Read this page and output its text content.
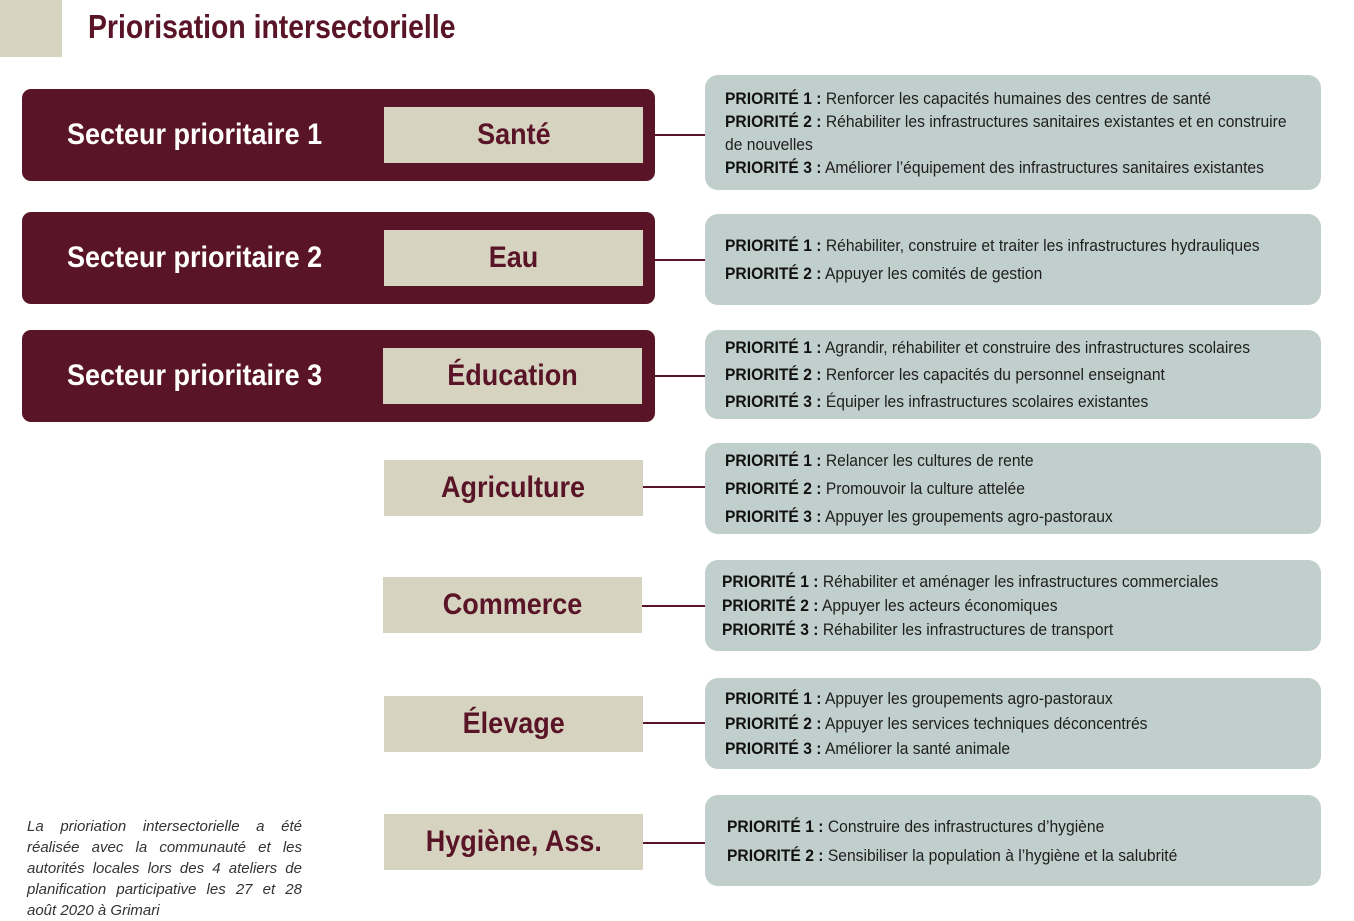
Priorisation intersectorielle
Secteur prioritaire 1	Santé
PRIORITÉ 1 : Renforcer les capacités humaines des centres de santé
PRIORITÉ 2 : Réhabiliter les infrastructures sanitaires existantes et en construire de nouvelles
PRIORITÉ 3 : Améliorer l’équipement des infrastructures sanitaires existantes
Secteur prioritaire 2	Eau	PRIORITÉ 1 : Réhabiliter, construire et traiter les infrastructures hydrauliques
PRIORITÉ 2 : Appuyer les comités de gestion
Secteur prioritaire 3	Éducation
PRIORITÉ 1 : Agrandir, réhabiliter et construire des infrastructures scolaires
PRIORITÉ 2 : Renforcer les capacités du personnel enseignant
PRIORITÉ 3 : Équiper les infrastructures scolaires existantes
Agriculture
PRIORITÉ 1 : Relancer les cultures de rente
PRIORITÉ 2 : Promouvoir la culture attelée
PRIORITÉ 3 : Appuyer les groupements agro-pastoraux
Commerce
PRIORITÉ 1 : Réhabiliter et aménager les infrastructures commerciales
PRIORITÉ 2 : Appuyer les acteurs économiques
PRIORITÉ 3 : Réhabiliter les infrastructures de transport
Élevage
PRIORITÉ 1 : Appuyer les groupements agro-pastoraux
PRIORITÉ 2 : Appuyer les services techniques déconcentrés
PRIORITÉ 3 : Améliorer la santé animale
Hygiène, Ass.	PRIORITÉ 1 : Construire des infrastructures d’hygiène
PRIORITÉ 2 : Sensibiliser la population à l’hygiène et la salubrité
La prioriation intersectorielle a été réalisée avec la communauté et les autorités locales lors des 4 ateliers de planification participative les 27 et 28 août 2020 à Grimari
